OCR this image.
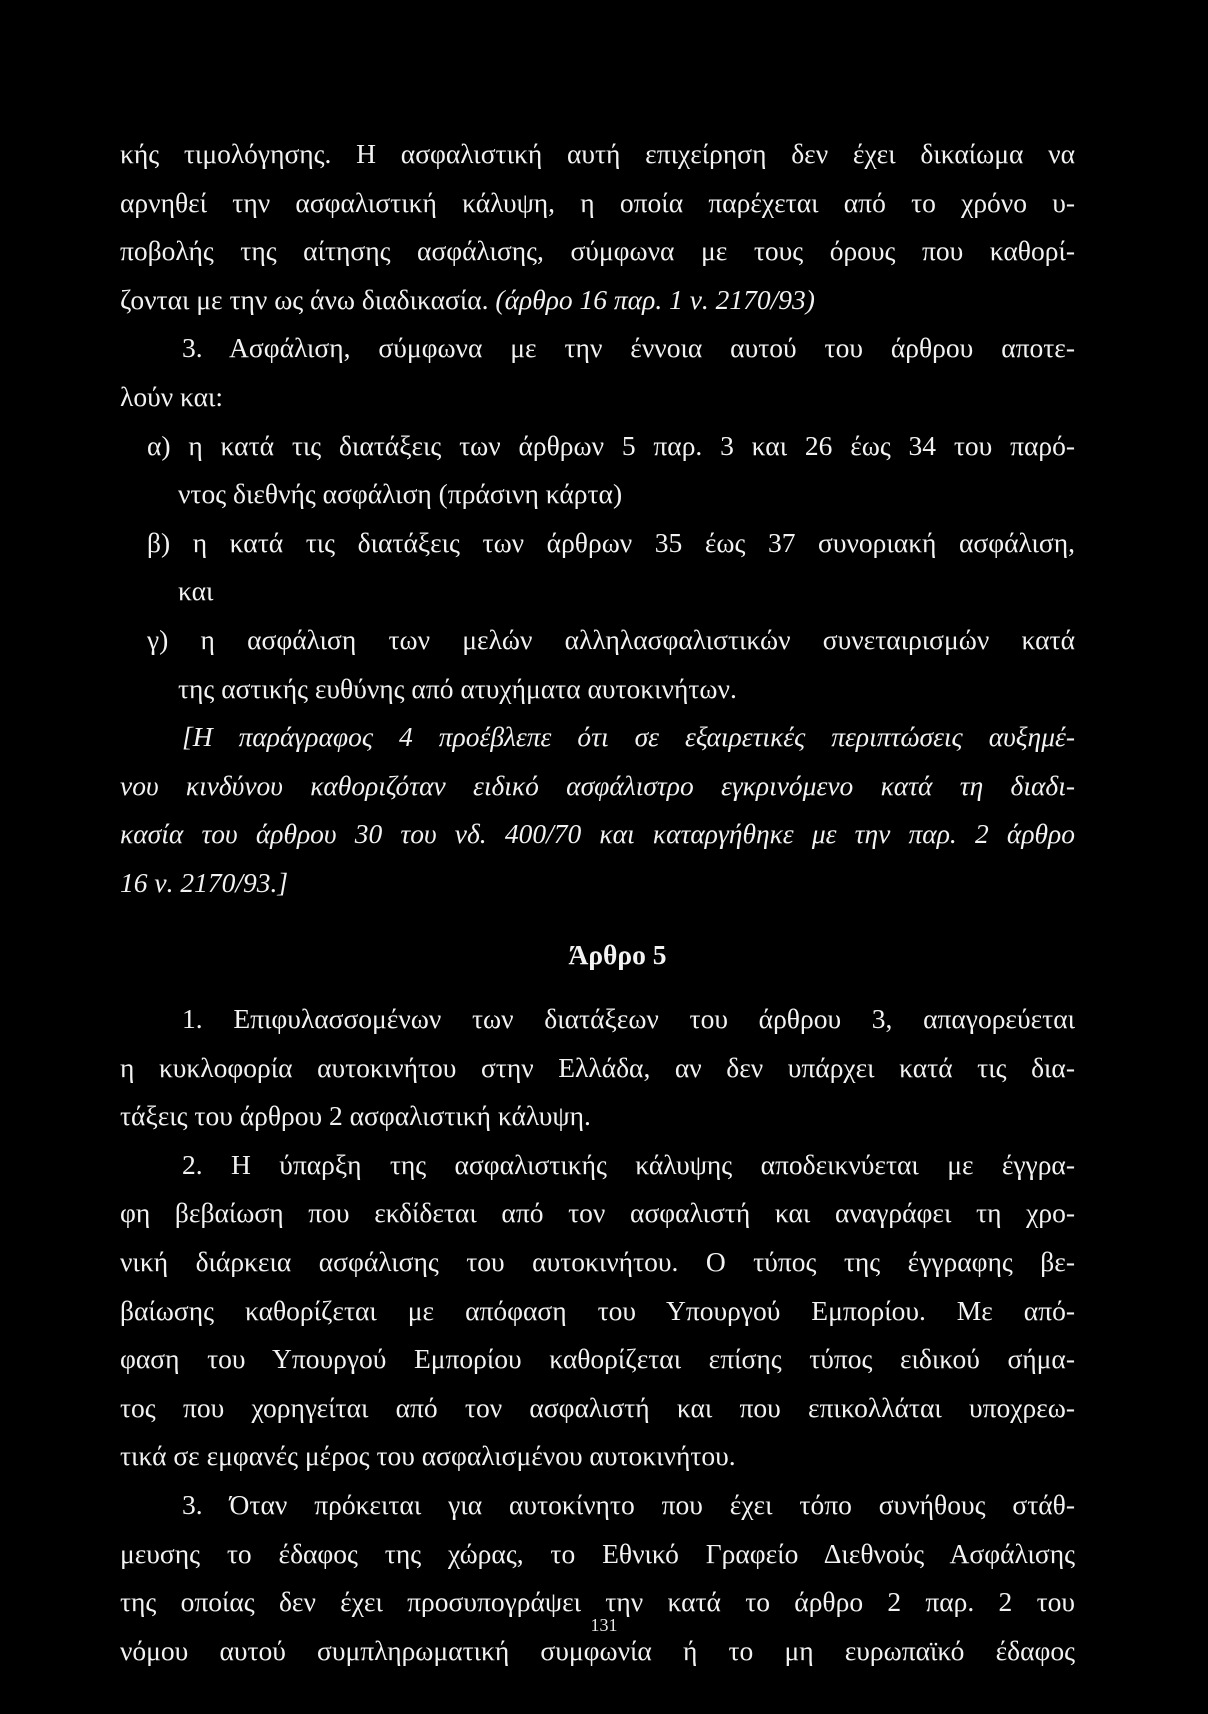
κής τιμολόγησης. Η ασφαλιστική αυτή επιχείρηση δεν έχει δικαίωμα να
αρνηθεί την ασφαλιστική κάλυψη, η οποία παρέχεται από το χρόνο υ-
ποβολής της αίτησης ασφάλισης, σύμφωνα με τους όρους που καθορί-
ζονται με την ως άνω διαδικασία. (άρθρο 16 παρ. 1 ν. 2170/93)
3. Ασφάλιση, σύμφωνα με την έννοια αυτού του άρθρου αποτε-
λούν και:
α) η κατά τις διατάξεις των άρθρων 5 παρ. 3 και 26 έως 34 του παρό-
ντος διεθνής ασφάλιση (πράσινη κάρτα)
β) η κατά τις διατάξεις των άρθρων 35 έως 37 συνοριακή ασφάλιση,
και
γ) η ασφάλιση των μελών αλληλασφαλιστικών συνεταιρισμών κατά
της αστικής ευθύνης από ατυχήματα αυτοκινήτων.
[Η παράγραφος 4 προέβλεπε ότι σε εξαιρετικές περιπτώσεις αυξημέ-
νου κινδύνου καθοριζόταν ειδικό ασφάλιστρο εγκρινόμενο κατά τη διαδι-
κασία του άρθρου 30 του νδ. 400/70 και καταργήθηκε με την παρ. 2 άρθρο
16 ν. 2170/93.]
Άρθρο 5
1. Επιφυλασσομένων των διατάξεων του άρθρου 3, απαγορεύεται
η κυκλοφορία αυτοκινήτου στην Ελλάδα, αν δεν υπάρχει κατά τις δια-
τάξεις του άρθρου 2 ασφαλιστική κάλυψη.
2. Η ύπαρξη της ασφαλιστικής κάλυψης αποδεικνύεται με έγγρα-
φη βεβαίωση που εκδίδεται από τον ασφαλιστή και αναγράφει τη χρο-
νική διάρκεια ασφάλισης του αυτοκινήτου. Ο τύπος της έγγραφης βε-
βαίωσης καθορίζεται με απόφαση του Υπουργού Εμπορίου. Με από-
φαση του Υπουργού Εμπορίου καθορίζεται επίσης τύπος ειδικού σήμα-
τος που χορηγείται από τον ασφαλιστή και που επικολλάται υποχρεω-
τικά σε εμφανές μέρος του ασφαλισμένου αυτοκινήτου.
3. Όταν πρόκειται για αυτοκίνητο που έχει τόπο συνήθους στάθ-
μευσης το έδαφος της χώρας, το Εθνικό Γραφείο Διεθνούς Ασφάλισης
της οποίας δεν έχει προσυπογράψει την κατά το άρθρο 2 παρ. 2 του
νόμου αυτού συμπληρωματική συμφωνία ή το μη ευρωπαϊκό έδαφος
131
